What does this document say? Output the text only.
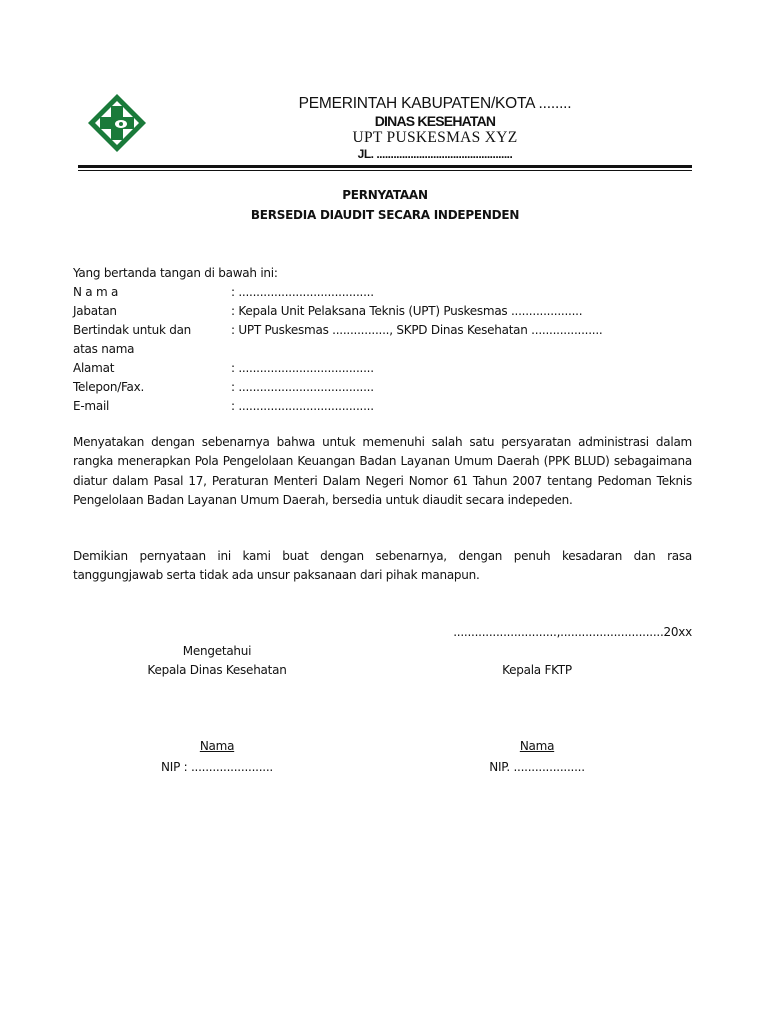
PEMERINTAH KABUPATEN/KOTA ........
DINAS KESEHATAN
UPT PUSKESMAS XYZ
JL. ................................................
PERNYATAAN
BERSEDIA DIAUDIT SECARA INDEPENDEN
Yang bertanda tangan di bawah ini:
N a m a	: ......................................
Jabatan	: Kepala Unit Pelaksana Teknis (UPT) Puskesmas ....................
Bertindak untuk dan	: UPT Puskesmas ................, SKPD Dinas Kesehatan ....................
atas nama
Alamat	: ......................................
Telepon/Fax.	: ......................................
E-mail	: ......................................
Menyatakan dengan sebenarnya bahwa untuk memenuhi salah satu persyaratan administrasi dalam rangka menerapkan Pola Pengelolaan Keuangan Badan Layanan Umum Daerah (PPK BLUD) sebagaimana diatur dalam Pasal 17, Peraturan Menteri Dalam Negeri Nomor 61 Tahun 2007 tentang Pedoman Teknis Pengelolaan Badan Layanan Umum Daerah, bersedia untuk diaudit secara indepeden.
Demikian pernyataan ini kami buat dengan sebenarnya, dengan penuh kesadaran dan rasa tanggungjawab serta tidak ada unsur paksanaan dari pihak manapun.
.............................,.............................20xx
Mengetahui
Kepala Dinas Kesehatan
Nama
NIP : .......................
Kepala FKTP
Nama
NIP. ....................
